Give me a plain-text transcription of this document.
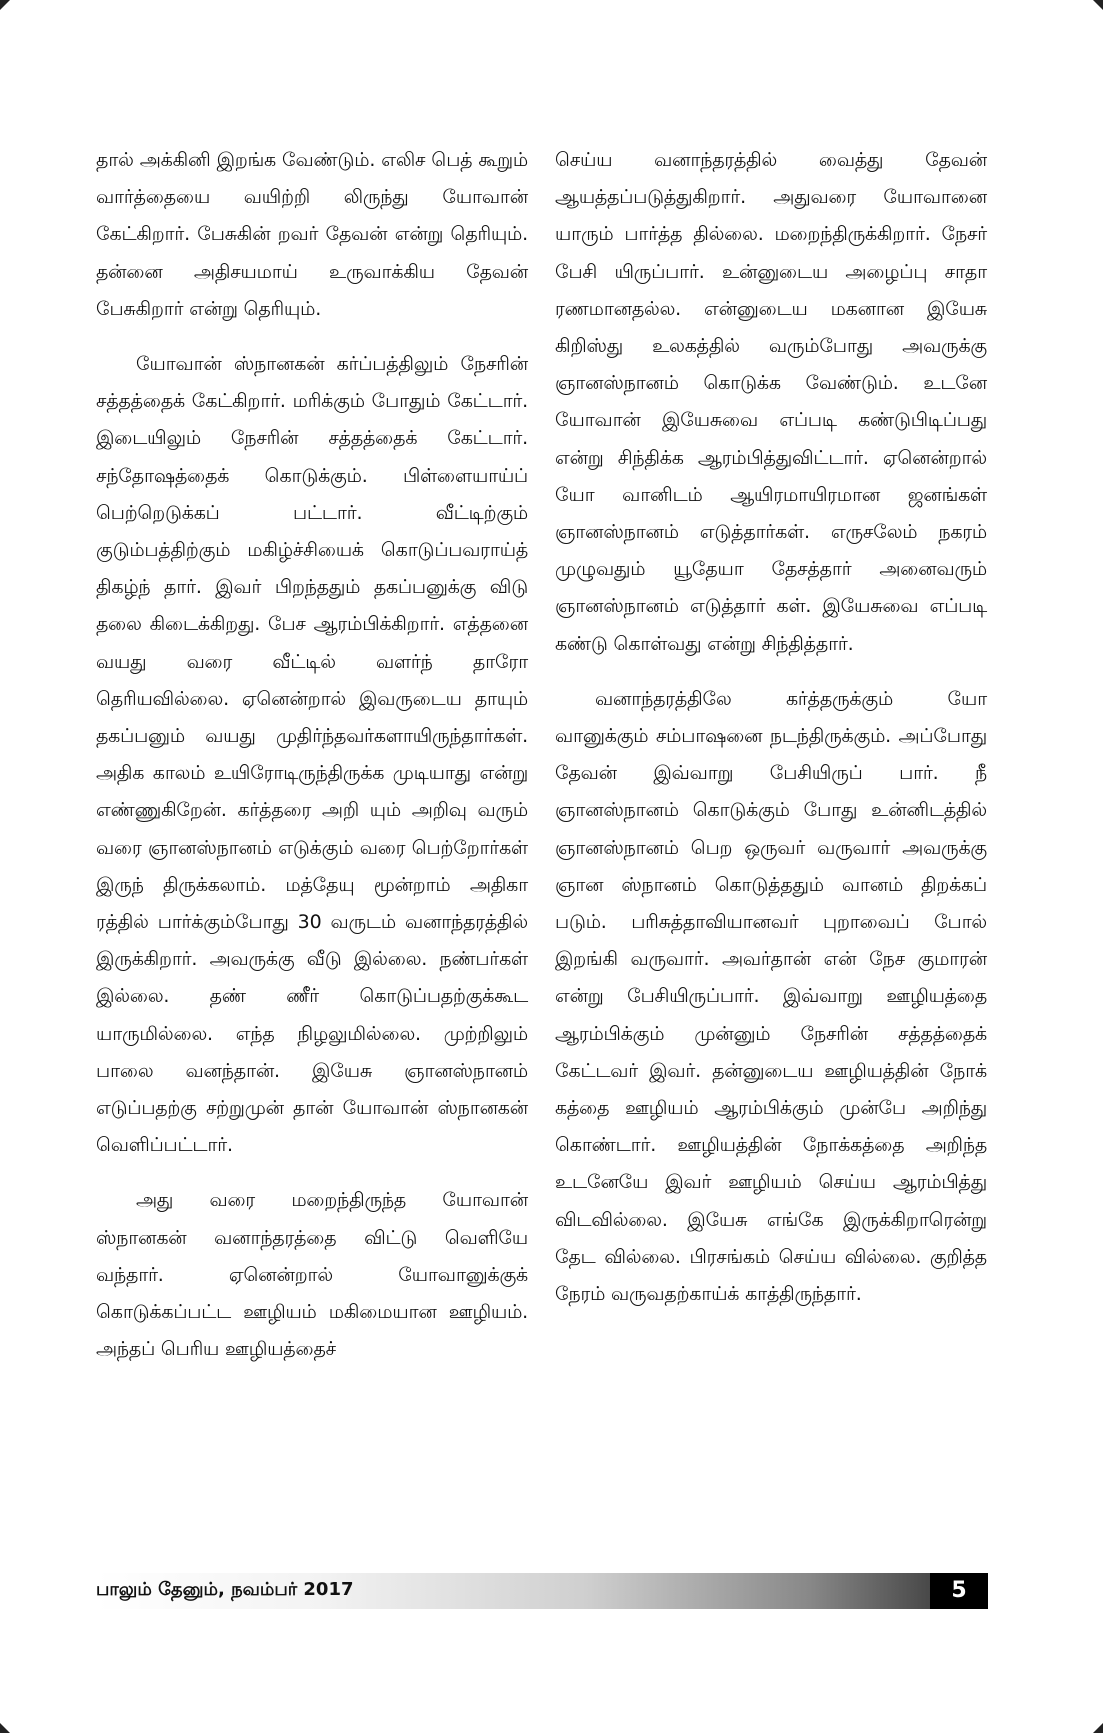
தால் அக்கினி இறங்க வேண்டும். எலிச பெத் கூறும் வார்த்தையை வயிற்றி லிருந்து யோவான் கேட்கிறார். பேசுகின் றவர் தேவன் என்று தெரியும். தன்னை அதிசயமாய் உருவாக்கிய தேவன் பேசுகிறார் என்று தெரியும்.

யோவான் ஸ்நானகன் கர்ப்பத்திலும் நேசரின் சத்தத்தைக் கேட்கிறார். மரிக்கும் போதும் கேட்டார். இடையிலும் நேசரின் சத்தத்தைக் கேட்டார். சந்தோஷத்தைக் கொடுக்கும். பிள்ளையாய்ப் பெற்றெடுக்கப் பட்டார். வீட்டிற்கும் குடும்பத்திற்கும் மகிழ்ச்சியைக் கொடுப்பவராய்த் திகழ்ந் தார். இவர் பிறந்ததும் தகப்பனுக்கு விடு தலை கிடைக்கிறது. பேச ஆரம்பிக்கிறார். எத்தனை வயது வரை வீட்டில் வளர்ந் தாரோ தெரியவில்லை. ஏனென்றால் இவருடைய தாயும் தகப்பனும் வயது முதிர்ந்தவர்களாயிருந்தார்கள். அதிக காலம் உயிரோடிருந்திருக்க முடியாது என்று எண்ணுகிறேன். கர்த்தரை அறி யும் அறிவு வரும் வரை ஞானஸ்நானம் எடுக்கும் வரை பெற்றோர்கள் இருந் திருக்கலாம். மத்தேயு மூன்றாம் அதிகா ரத்தில் பார்க்கும்போது 30 வருடம் வனாந்தரத்தில் இருக்கிறார். அவருக்கு வீடு இல்லை. நண்பர்கள் இல்லை. தண் ணீர் கொடுப்பதற்குக்கூட யாருமில்லை. எந்த நிழலுமில்லை. முற்றிலும் பாலை வனந்தான். இயேசு ஞானஸ்நானம் எடுப்பதற்கு சற்றுமுன் தான் யோவான் ஸ்நானகன் வெளிப்பட்டார்.

அது வரை மறைந்திருந்த யோவான் ஸ்நானகன் வனாந்தரத்தை விட்டு வெளியே வந்தார். ஏனென்றால் யோவானுக்குக் கொடுக்கப்பட்ட ஊழியம் மகிமையான ஊழியம். அந்தப் பெரிய ஊழியத்தைச்

செய்ய வனாந்தரத்தில் வைத்து தேவன் ஆயத்தப்படுத்துகிறார். அதுவரை யோவானை யாரும் பார்த்த தில்லை. மறைந்திருக்கிறார். நேசர் பேசி யிருப்பார். உன்னுடைய அழைப்பு சாதா ரணமானதல்ல. என்னுடைய மகனான இயேசு கிறிஸ்து உலகத்தில் வரும்போது அவருக்கு ஞானஸ்நானம் கொடுக்க வேண்டும். உடனே யோவான் இயேசுவை எப்படி கண்டுபிடிப்பது என்று சிந்திக்க ஆரம்பித்துவிட்டார். ஏனென்றால் யோ வானிடம் ஆயிரமாயிரமான ஜனங்கள் ஞானஸ்நானம் எடுத்தார்கள். எருசலேம் நகரம் முழுவதும் யூதேயா தேசத்தார் அனைவரும் ஞானஸ்நானம் எடுத்தார் கள். இயேசுவை எப்படி கண்டு கொள்வது என்று சிந்தித்தார்.

வனாந்தரத்திலே கர்த்தருக்கும் யோ வானுக்கும் சம்பாஷனை நடந்திருக்கும். அப்போது தேவன் இவ்வாறு பேசியிருப் பார். நீ ஞானஸ்நானம் கொடுக்கும் போது உன்னிடத்தில் ஞானஸ்நானம் பெற ஒருவர் வருவார் அவருக்கு ஞான ஸ்நானம் கொடுத்ததும் வானம் திறக்கப் படும். பரிசுத்தாவியானவர் புறாவைப் போல் இறங்கி வருவார். அவர்தான் என் நேச குமாரன் என்று பேசியிருப்பார். இவ்வாறு ஊழியத்தை ஆரம்பிக்கும் முன்னும் நேசரின் சத்தத்தைக் கேட்டவர் இவர். தன்னுடைய ஊழியத்தின் நோக் கத்தை ஊழியம் ஆரம்பிக்கும் முன்பே அறிந்து கொண்டார். ஊழியத்தின் நோக்கத்தை அறிந்த உடனேயே இவர் ஊழியம் செய்ய ஆரம்பித்து விடவில்லை. இயேசு எங்கே இருக்கிறாரென்று தேட வில்லை. பிரசங்கம் செய்ய வில்லை. குறித்த நேரம் வருவதற்காய்க் காத்திருந்தார்.

பாலும் தேனும், நவம்பர் 2017	5
